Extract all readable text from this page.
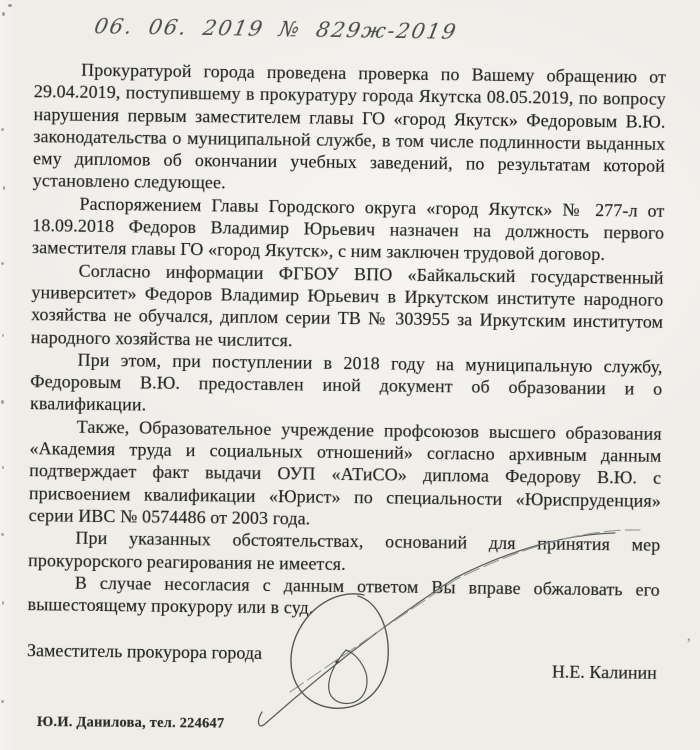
06. 06. 2019 № 829ж-2019

Прокуратурой города проведена проверка по Вашему обращению от 29.04.2019, поступившему в прокуратуру города Якутска 08.05.2019, по вопросу нарушения первым заместителем главы ГО «город Якутск» Федоровым В.Ю. законодательства о муниципальной службе, в том числе подлинности выданных ему дипломов об окончании учебных заведений, по результатам которой установлено следующее.

Распоряжением Главы Городского округа «город Якутск» № 277-л от 18.09.2018 Федоров Владимир Юрьевич назначен на должность первого заместителя главы ГО «город Якутск», с ним заключен трудовой договор.

Согласно информации ФГБОУ ВПО «Байкальский государственный университет» Федоров Владимир Юрьевич в Иркутском институте народного хозяйства не обучался, диплом серии ТВ № 303955 за Иркутским институтом народного хозяйства не числится.

При этом, при поступлении в 2018 году на муниципальную службу, Федоровым В.Ю. предоставлен иной документ об образовании и о квалификации.

Также, Образовательное учреждение профсоюзов высшего образования «Академия труда и социальных отношений» согласно архивным данным подтверждает факт выдачи ОУП «АТиСО» диплома Федорову В.Ю. с присвоением квалификации «Юрист» по специальности «Юриспруденция» серии ИВС № 0574486 от 2003 года.

При указанных обстоятельствах, оснований для принятия мер прокурорского реагирования не имеется.

В случае несогласия с данным ответом Вы вправе обжаловать его вышестоящему прокурору или в суд.

Заместитель прокурора города
Н.Е. Калинин
Ю.И. Данилова, тел. 224647
’
